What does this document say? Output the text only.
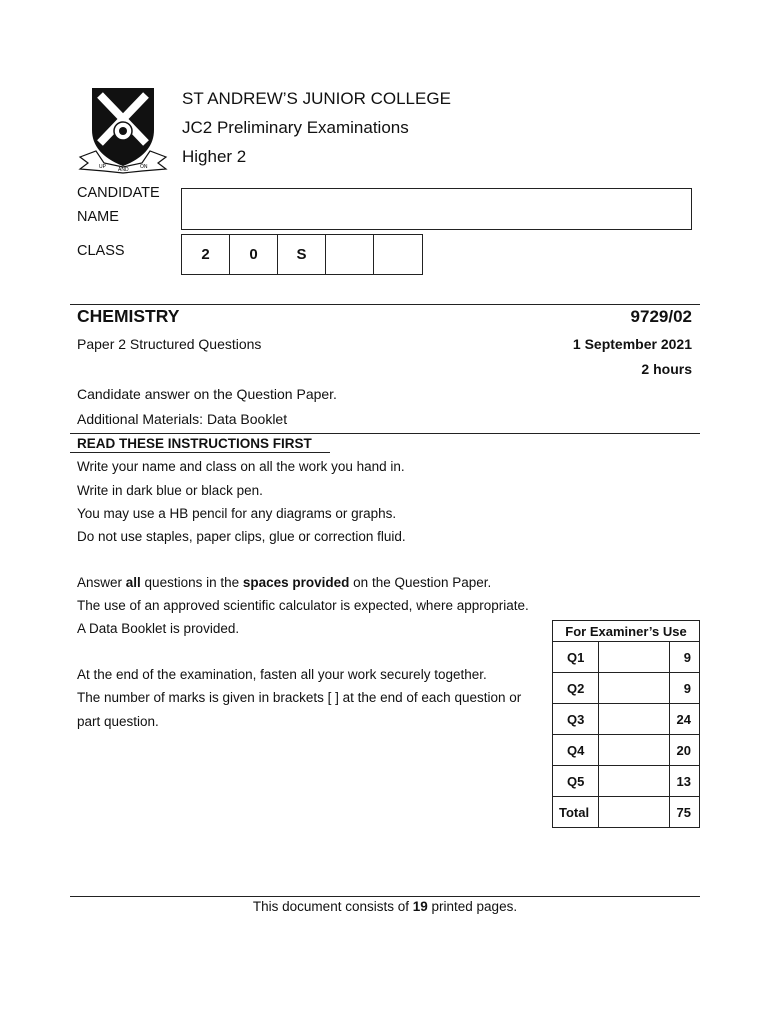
UP AND ON
ST ANDREW’S JUNIOR COLLEGE
JC2 Preliminary Examinations
Higher 2
CANDIDATE
NAME
CLASS	2	0	S
CHEMISTRY	9729/02
Paper 2 Structured Questions	1 September 2021
2 hours
Candidate answer on the Question Paper.
Additional Materials: Data Booklet
READ THESE INSTRUCTIONS FIRST
Write your name and class on all the work you hand in.
Write in dark blue or black pen.
You may use a HB pencil for any diagrams or graphs.
Do not use staples, paper clips, glue or correction fluid.
Answer all questions in the spaces provided on the Question Paper.
The use of an approved scientific calculator is expected, where appropriate.
A Data Booklet is provided.
At the end of the examination, fasten all your work securely together.
The number of marks is given in brackets [ ] at the end of each question or
part question.
For Examiner’s Use		
Q1		9
Q2		9
Q3		24
Q4		20
Q5		13
Total		75
This document consists of 19 printed pages.
